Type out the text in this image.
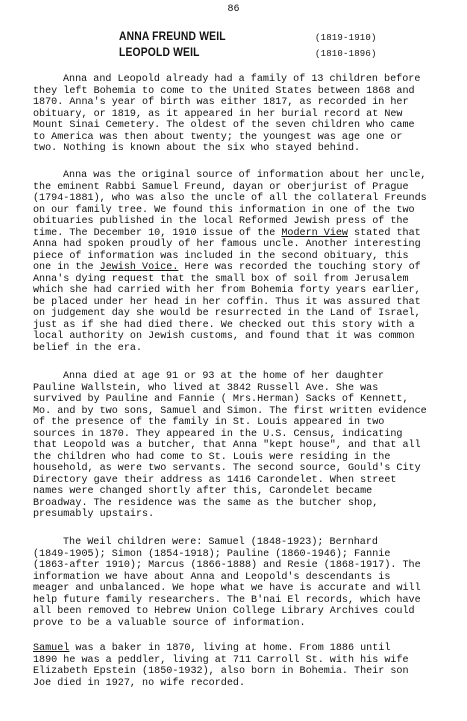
86
ANNA FREUND WEIL	(1819-1910)
LEOPOLD WEIL	(1810-1896)
Anna and Leopold already had a family of 13 children before
they left Bohemia to come to the United States between 1868 and
1870. Anna's year of birth was either 1817, as recorded in her
obituary, or 1819, as it appeared in her burial record at New
Mount Sinai Cemetery. The oldest of the seven children who came
to America was then about twenty; the youngest was age one or
two. Nothing is known about the six who stayed behind.
Anna was the original source of information about her uncle,
the eminent Rabbi Samuel Freund, dayan or oberjurist of Prague
(1794-1881), who was also the uncle of all the collateral Freunds
on our family tree. We found this information in one of the two
obituaries published in the local Reformed Jewish press of the
time. The December 10, 1910 issue of the Modern View stated that
Anna had spoken proudly of her famous uncle. Another interesting
piece of information was included in the second obituary, this
one in the Jewish Voice. Here was recorded the touching story of
Anna's dying request that the small box of soil from Jerusalem
which she had carried with her from Bohemia forty years earlier,
be placed under her head in her coffin. Thus it was assured that
on judgement day she would be resurrected in the Land of Israel,
just as if she had died there. We checked out this story with a
local authority on Jewish customs, and found that it was common
belief in the era.
Anna died at age 91 or 93 at the home of her daughter
Pauline Wallstein, who lived at 3842 Russell Ave. She was
survived by Pauline and Fannie ( Mrs.Herman) Sacks of Kennett,
Mo. and by two sons, Samuel and Simon. The first written evidence
of the presence of the family in St. Louis appeared in two
sources in 1870. They appeared in the U.S. Census, indicating
that Leopold was a butcher, that Anna "kept house", and that all
the children who had come to St. Louis were residing in the
household, as were two servants. The second source, Gould's City
Directory gave their address as 1416 Carondelet. When street
names were changed shortly after this, Carondelet became
Broadway. The residence was the same as the butcher shop,
presumably upstairs.
The Weil children were: Samuel (1848-1923); Bernhard
(1849-1905); Simon (1854-1918); Pauline (1860-1946); Fannie
(1863-after 1910); Marcus (1866-1888) and Resie (1868-1917). The
information we have about Anna and Leopold's descendants is
meager and unbalanced. We hope what we have is accurate and will
help future family researchers. The B'nai El records, which have
all been removed to Hebrew Union College Library Archives could
prove to be a valuable source of information.
Samuel was a baker in 1870, living at home. From 1886 until
1890 he was a peddler, living at 711 Carroll St. with his wife
Elizabeth Epstein (1850-1932), also born in Bohemia. Their son
Joe died in 1927, no wife recorded.
